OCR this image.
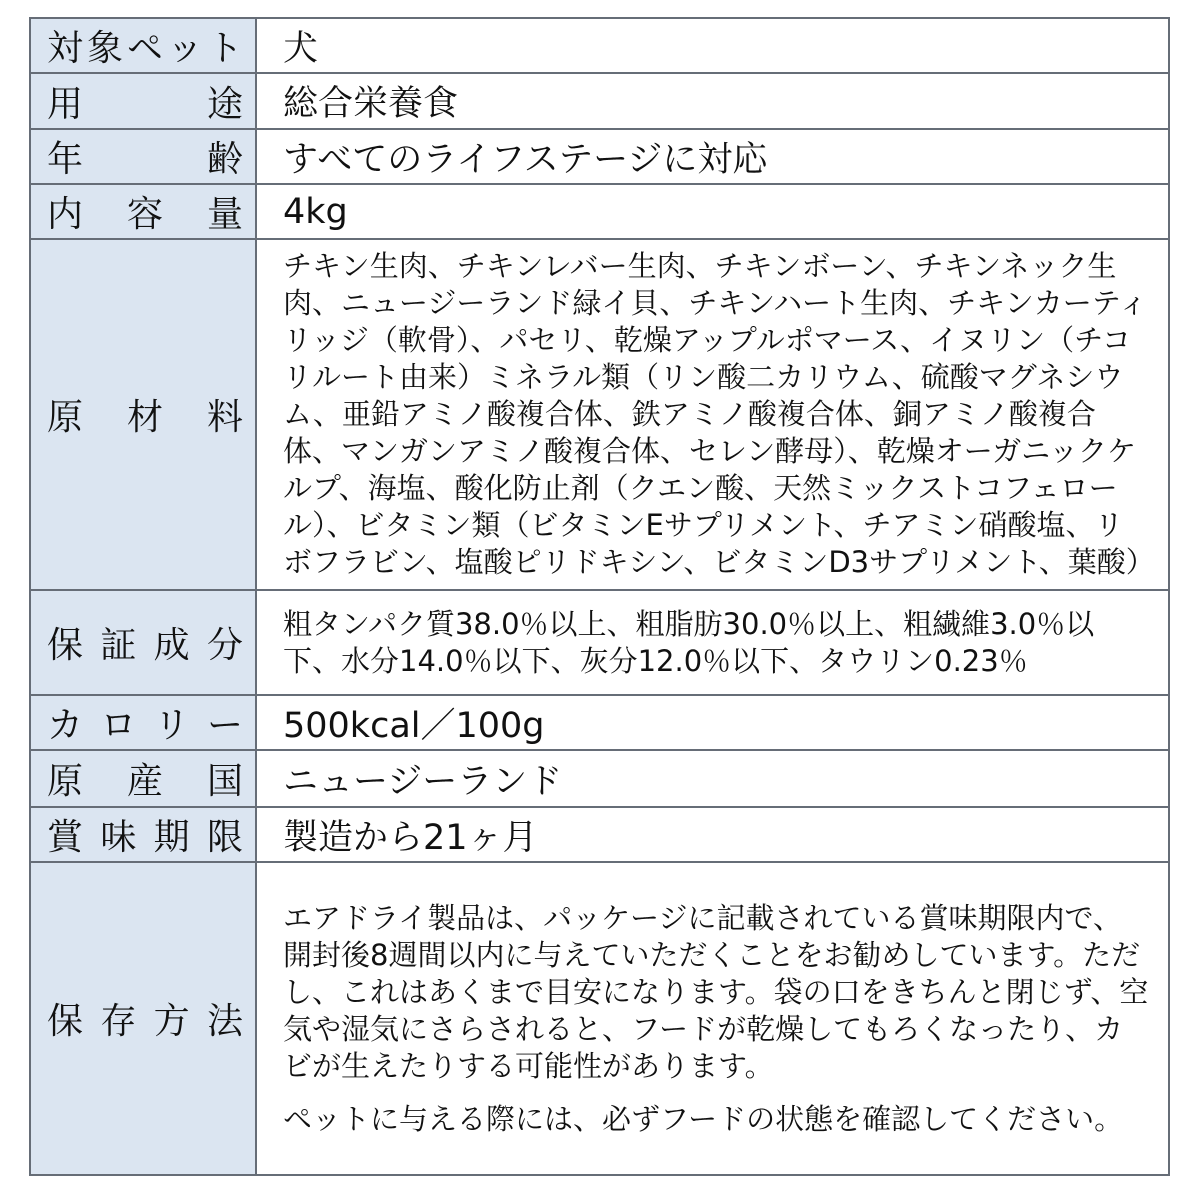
対象ペット	犬

用途	総合栄養食

年齢	すべてのライフステージに対応

内容量	4kg

原材料	チキン生肉、チキンレバー生肉、チキンボーン、チキンネック生肉、ニュージーランド緑イ貝、チキンハート生肉、チキンカーティリッジ（軟骨）、パセリ、乾燥アップルポマース、イヌリン（チコリルート由来）ミネラル類（リン酸二カリウム、硫酸マグネシウム、亜鉛アミノ酸複合体、鉄アミノ酸複合体、銅アミノ酸複合体、マンガンアミノ酸複合体、セレン酵母）、乾燥オーガニックケルプ、海塩、酸化防止剤（クエン酸、天然ミックストコフェロール）、ビタミン類（ビタミンEサプリメント、チアミン硝酸塩、リボフラビン、塩酸ピリドキシン、ビタミンD3サプリメント、葉酸）

保証成分	粗タンパク質38.0％以上、粗脂肪30.0％以上、粗繊維3.0％以下、水分14.0％以下、灰分12.0％以下、タウリン0.23％

カロリー	500kcal／100g

原産国	ニュージーランド

賞味期限	製造から21ヶ月

保存方法	エアドライ製品は、パッケージに記載されている賞味期限内で、開封後8週間以内に与えていただくことをお勧めしています。ただし、これはあくまで目安になります。袋の口をきちんと閉じず、空気や湿気にさらされると、フードが乾燥してもろくなったり、カビが生えたりする可能性があります。

ペットに与える際には、必ずフードの状態を確認してください。
